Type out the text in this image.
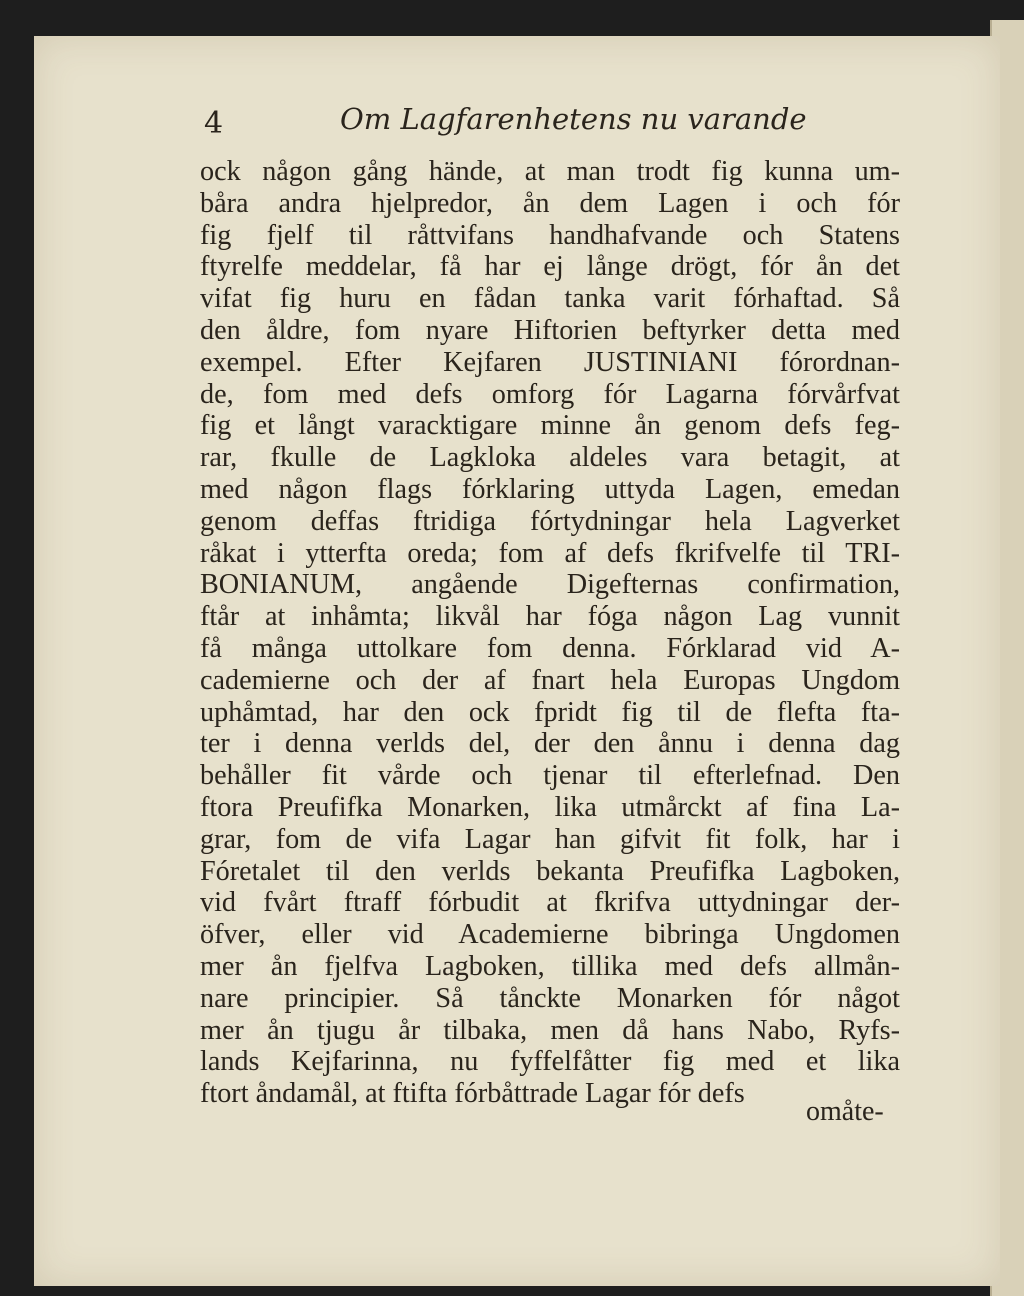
4	Om Lagfarenhetens nu varande
ock någon gång hände, at man trodt fig kunna um-
båra andra hjelpredor, ån dem Lagen i och fór
fig fjelf til råttvifans handhafvande och Statens
ftyrelfe meddelar, få har ej långe drögt, fór ån det
vifat fig huru en fådan tanka varit fórhaftad. Så
den åldre, fom nyare Hiftorien beftyrker detta med
exempel. Efter Kejfaren JUSTINIANI fórordnan-
de, fom med defs omforg fór Lagarna fórvårfvat
fig et långt varacktigare minne ån genom defs feg-
rar, fkulle de Lagkloka aldeles vara betagit, at
med någon flags fórklaring uttyda Lagen, emedan
genom deffas ftridiga fórtydningar hela Lagverket
råkat i ytterfta oreda; fom af defs fkrifvelfe til TRI-
BONIANUM, angående Digefternas confirmation,
ftår at inhåmta; likvål har fóga någon Lag vunnit
få många uttolkare fom denna. Fórklarad vid A-
cademierne och der af fnart hela Europas Ungdom
uphåmtad, har den ock fpridt fig til de flefta fta-
ter i denna verlds del, der den ånnu i denna dag
behåller fit vårde och tjenar til efterlefnad. Den
ftora Preufifka Monarken, lika utmårckt af fina La-
grar, fom de vifa Lagar han gifvit fit folk, har i
Fóretalet til den verlds bekanta Preufifka Lagboken,
vid fvårt ftraff fórbudit at fkrifva uttydningar der-
öfver, eller vid Academierne bibringa Ungdomen
mer ån fjelfva Lagboken, tillika med defs allmån-
nare principier. Så tånckte Monarken fór något
mer ån tjugu år tilbaka, men då hans Nabo, Ryfs-
lands Kejfarinna, nu fyffelfåtter fig med et lika
ftort åndamål, at ftifta fórbåttrade Lagar fór defs
omåte-
